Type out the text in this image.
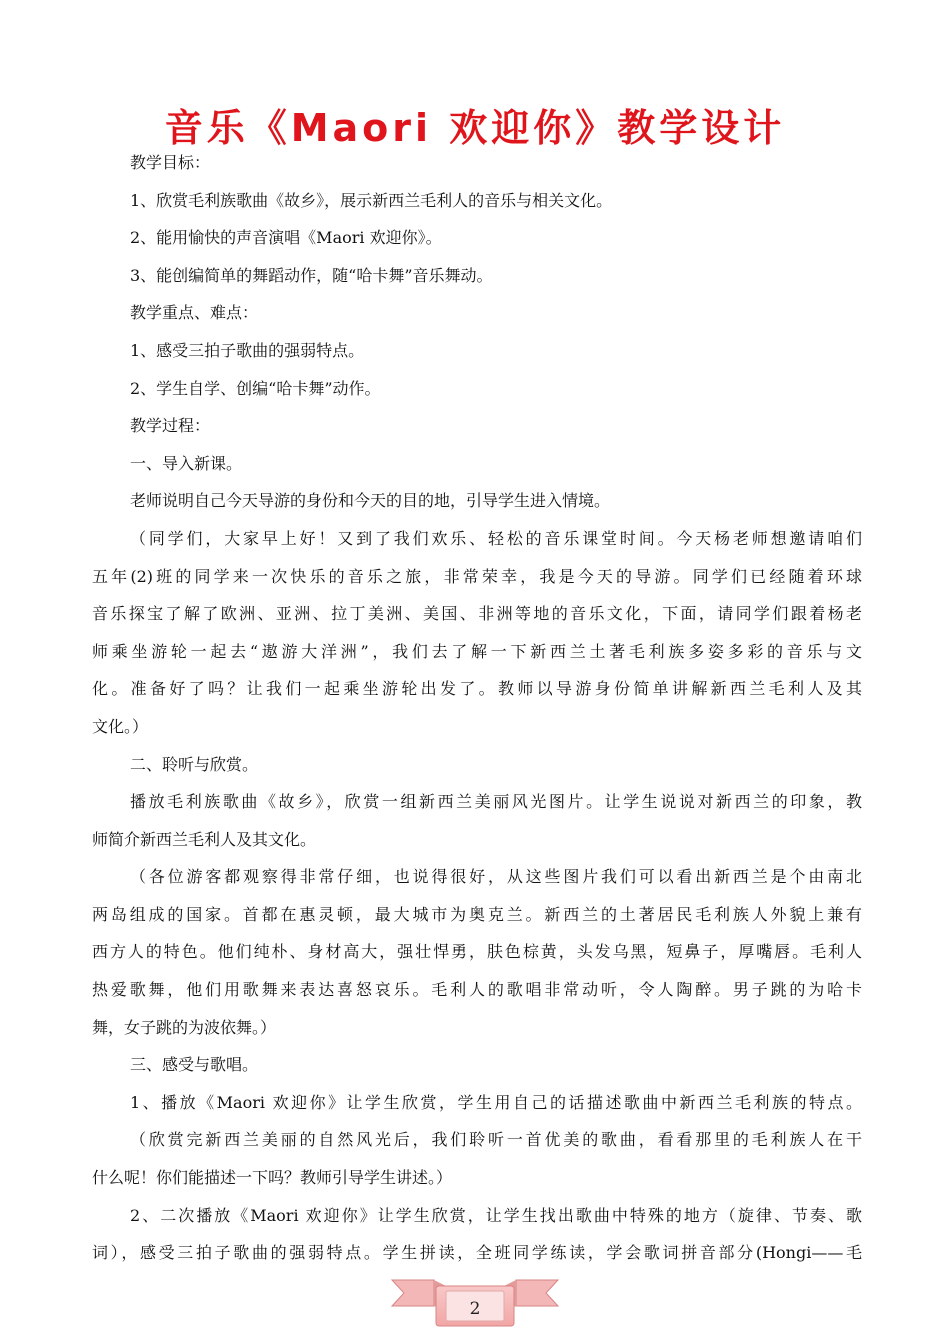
音乐《Maori 欢迎你》教学设计
教学目标：
1、欣赏毛利族歌曲《故乡》，展示新西兰毛利人的音乐与相关文化。
2、能用愉快的声音演唱《Maori 欢迎你》。
3、能创编简单的舞蹈动作，随“哈卡舞”音乐舞动。
教学重点、难点：
1、感受三拍子歌曲的强弱特点。
2、学生自学、创编“哈卡舞”动作。
教学过程：
一、导入新课。
老师说明自己今天导游的身份和今天的目的地，引导学生进入情境。
（同学们，大家早上好！又到了我们欢乐、轻松的音乐课堂时间。今天杨老师想邀请咱们
五年(2)班的同学来一次快乐的音乐之旅，非常荣幸，我是今天的导游。同学们已经随着环球
音乐探宝了解了欧洲、亚洲、拉丁美洲、美国、非洲等地的音乐文化，下面，请同学们跟着杨老
师乘坐游轮一起去“遨游大洋洲”，我们去了解一下新西兰土著毛利族多姿多彩的音乐与文
化。准备好了吗？让我们一起乘坐游轮出发了。教师以导游身份简单讲解新西兰毛利人及其
文化。）
二、聆听与欣赏。
播放毛利族歌曲《故乡》，欣赏一组新西兰美丽风光图片。让学生说说对新西兰的印象，教
师简介新西兰毛利人及其文化。
（各位游客都观察得非常仔细，也说得很好，从这些图片我们可以看出新西兰是个由南北
两岛组成的国家。首都在惠灵顿，最大城市为奥克兰。新西兰的土著居民毛利族人外貌上兼有
西方人的特色。他们纯朴、身材高大，强壮悍勇，肤色棕黄，头发乌黑，短鼻子，厚嘴唇。毛利人
热爱歌舞，他们用歌舞来表达喜怒哀乐。毛利人的歌唱非常动听，令人陶醉。男子跳的为哈卡
舞，女子跳的为波依舞。）
三、感受与歌唱。
1、播放《Maori 欢迎你》让学生欣赏，学生用自己的话描述歌曲中新西兰毛利族的特点。
（欣赏完新西兰美丽的自然风光后，我们聆听一首优美的歌曲，看看那里的毛利族人在干
什么呢！你们能描述一下吗？教师引导学生讲述。）
2、二次播放《Maori 欢迎你》让学生欣赏，让学生找出歌曲中特殊的地方（旋律、节奏、歌
词），感受三拍子歌曲的强弱特点。学生拼读，全班同学练读，学会歌词拼音部分(Hongi——毛
2
